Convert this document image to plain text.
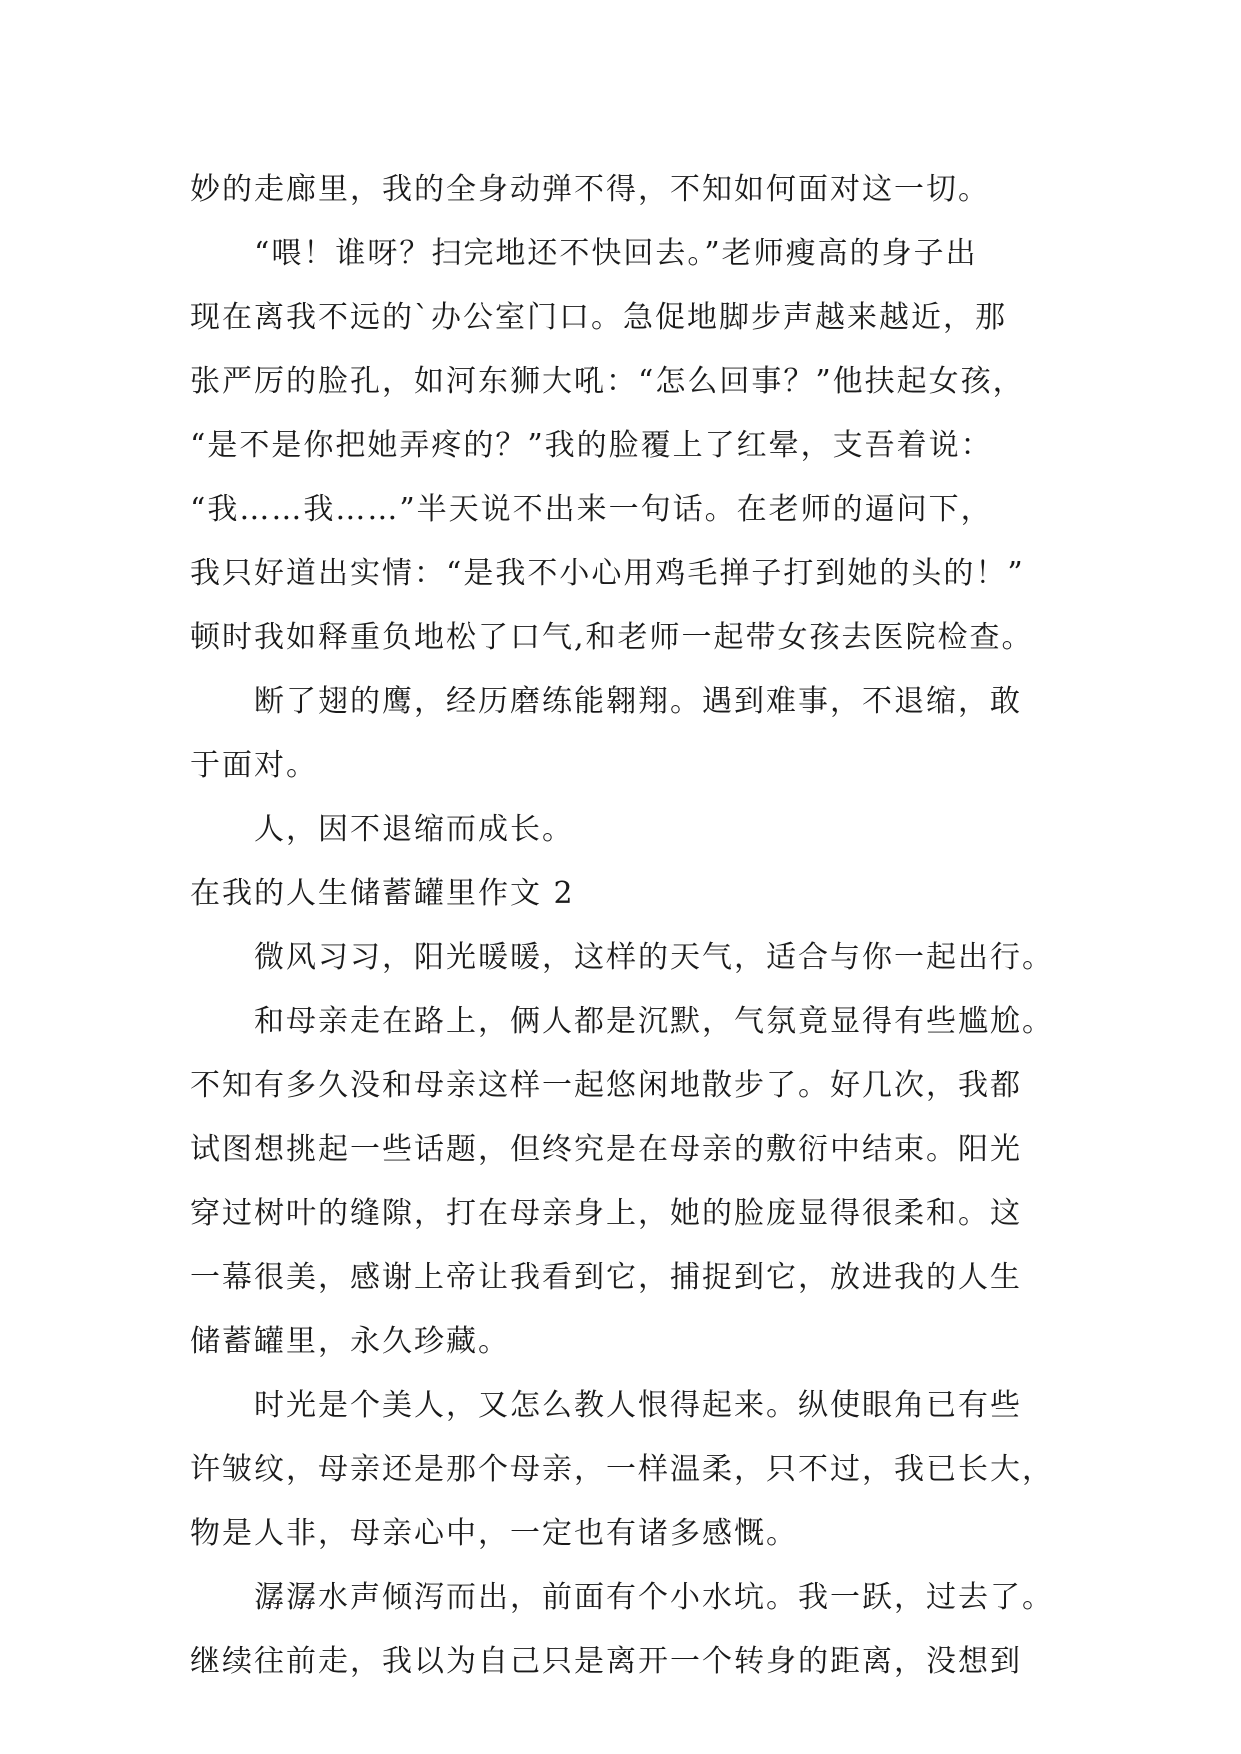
妙的走廊里，我的全身动弹不得，不知如何面对这一切。
“喂！谁呀？扫完地还不快回去。”老师瘦高的身子出
现在离我不远的`办公室门口。急促地脚步声越来越近，那
张严厉的脸孔，如河东狮大吼：“怎么回事？”他扶起女孩，
“是不是你把她弄疼的？”我的脸覆上了红晕，支吾着说：
“我……我……”半天说不出来一句话。在老师的逼问下，
我只好道出实情：“是我不小心用鸡毛掸子打到她的头的！”
顿时我如释重负地松了口气,和老师一起带女孩去医院检查。
断了翅的鹰，经历磨练能翱翔。遇到难事，不退缩，敢
于面对。
人，因不退缩而成长。
在我的人生储蓄罐里作文 2
微风习习，阳光暖暖，这样的天气，适合与你一起出行。
和母亲走在路上，俩人都是沉默，气氛竟显得有些尴尬。
不知有多久没和母亲这样一起悠闲地散步了。好几次，我都
试图想挑起一些话题，但终究是在母亲的敷衍中结束。阳光
穿过树叶的缝隙，打在母亲身上，她的脸庞显得很柔和。这
一幕很美，感谢上帝让我看到它，捕捉到它，放进我的人生
储蓄罐里，永久珍藏。
时光是个美人，又怎么教人恨得起来。纵使眼角已有些
许皱纹，母亲还是那个母亲，一样温柔，只不过，我已长大，
物是人非，母亲心中，一定也有诸多感慨。
潺潺水声倾泻而出，前面有个小水坑。我一跃，过去了。
继续往前走，我以为自己只是离开一个转身的距离，没想到
